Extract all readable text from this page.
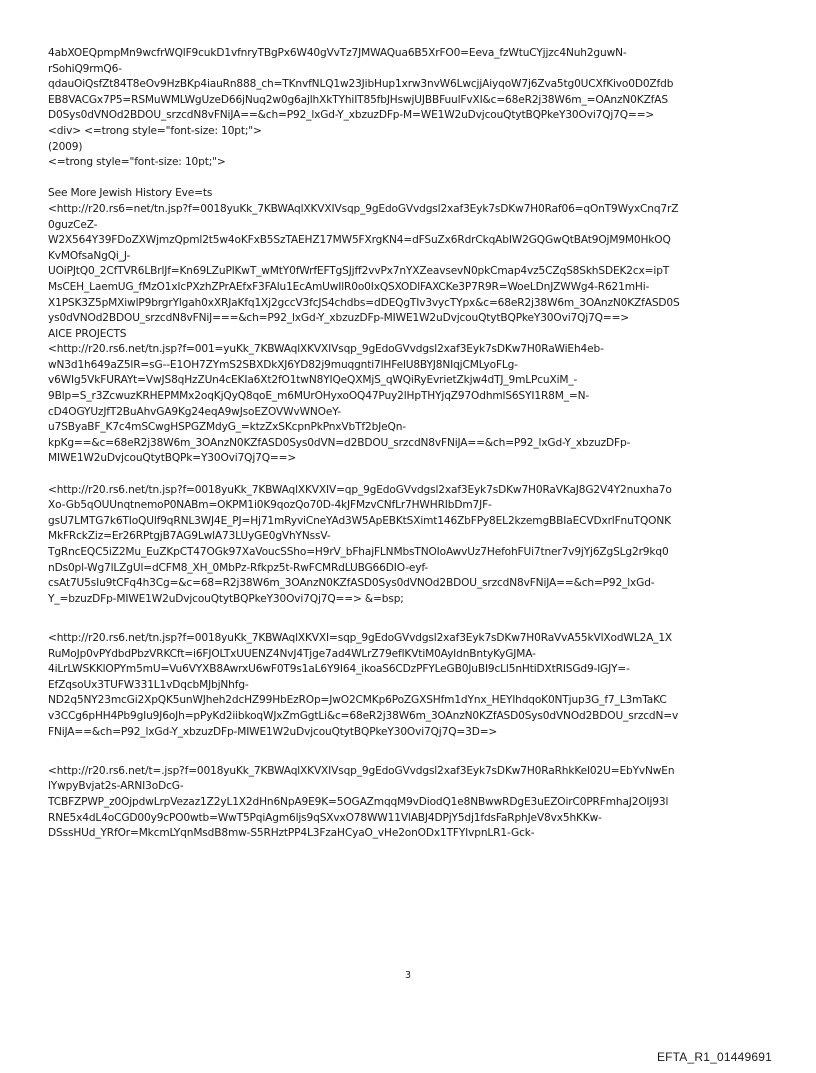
4abXOEQpmpMn9wcfrWQlF9cukD1vfnryTBgPx6W40gVvTz7JMWAQua6B5XrFO0=Eeva_fzWtuCYjjzc4Nuh2guwN-
rSohiQ9rmQ6-
qdauOiQsfZt84T8eOv9HzBKp4iauRn888_ch=TKnvfNLQ1w23JibHup1xrw3nvW6LwcjjAiyqoW7j6Zva5tg0UCXfKivo0D0Zfdb
EB8VACGx7P5=RSMuWMLWgUzeD66jNuq2w0g6ajlhXkTYhiIT85fbJHswjUJBBFuulFvXI&c=68eR2j38W6m_=OAnzN0KZfAS
D0Sys0dVNOd2BDOU_srzcdN8vFNiJA==&ch=P92_lxGd-Y_xbzuzDFp-M=WE1W2uDvjcouQtytBQPkeY30Ovi7Qj7Q==>
<div> <=trong style="font-size: 10pt;">
(2009)
<=trong style="font-size: 10pt;">
See More Jewish History Eve=ts
<http://r20.rs6=net/tn.jsp?f=0018yuKk_7KBWAqlXKVXIVsqp_9gEdoGVvdgsl2xaf3Eyk7sDKw7H0Raf06=qOnT9WyxCnq7rZ
0guzCeZ-
W2X564Y39FDoZXWjmzQpml2t5w4oKFxB5SzTAEHZ17MW5FXrgKN4=dFSuZx6RdrCkqAbIW2GQGwQtBAt9OjM9M0HkOQ
KvMOfsaNgQi_J-
UOiPJtQ0_2CfTVR6LBrlJf=Kn69LZuPlKwT_wMtY0fWrfEFTgSJjff2vvPx7nYXZeavsevN0pkCmap4vz5CZqS8SkhSDEK2cx=ipT
MsCEH_LaemUG_fMzO1xIcPXzhZPrAEfxF3FAlu1EcAmUwIlR0o0IxQSXODlFAXCKe3P7R9R=WoeLDnJZWWg4-R621mHi-
X1PSK3Z5pMXiwlP9brgrYlgah0xXRJaKfq1Xj2gccV3fcJS4chdbs=dDEQgTIv3vycTYpx&c=68eR2j38W6m_3OAnzN0KZfASD0S
ys0dVNOd2BDOU_srzcdN8vFNiJ===&ch=P92_lxGd-Y_xbzuzDFp-MIWE1W2uDvjcouQtytBQPkeY30Ovi7Qj7Q==>
AICE PROJECTS
<http://r20.rs6.net/tn.jsp?f=001=yuKk_7KBWAqlXKVXIVsqp_9gEdoGVvdgsl2xaf3Eyk7sDKw7H0RaWiEh4eb-
wN3d1h649aZ5lR=sG--E1OH7ZYmS2SBXDkXJ6YD82j9muqgnti7lHFelU8BYJ8NIqjCMLyoFLg-
v6WIg5VkFURAYt=VwJS8qHzZUn4cEKIa6Xt2fO1twN8YIQeQXMjS_qWQiRyEvrietZkjw4dTJ_9mLPcuXiM_-
9Blp=S_r3ZcwuzKRHEPMMx2oqKjQyQ8qoE_m6MUrOHyxoOQ47Puy2lHpTHYjqZ97OdhmlS6SYI1R8M_=N-
cD4OGYUzJfT2BuAhvGA9Kg24eqA9wJsoEZOVWvWNOeY-
u7SByaBF_K7c4mSCwgHSPGZMdyG_=ktzZxSKcpnPkPnxVbTf2bJeQn-
kpKg==&c=68eR2j38W6m_3OAnzN0KZfASD0Sys0dVN=d2BDOU_srzcdN8vFNiJA==&ch=P92_lxGd-Y_xbzuzDFp-
MIWE1W2uDvjcouQtytBQPk=Y30Ovi7Qj7Q==>
<http://r20.rs6.net/tn.jsp?f=0018yuKk_7KBWAqlXKVXIV=qp_9gEdoGVvdgsl2xaf3Eyk7sDKw7H0RaVKaJ8G2V4Y2nuxha7o
Xo-Gb5qOUUnqtnemoP0NABm=OKPM1i0K9qozQo70D-4kJFMzvCNfLr7HWHRIbDm7JF-
gsU7LMTG7k6TIoQUlf9qRNL3WJ4E_PJ=Hj71mRyviCneYAd3W5ApEBKtSXimt146ZbFPy8EL2kzemgBBIaECVDxrlFnuTQONK
MkFRckZiz=Er26RPtgjB7AG9LwlA73LUyGE0gVhYNssV-
TgRncEQC5iZ2Mu_EuZKpCT47OGk97XaVoucSSho=H9rV_bFhajFLNMbsTNOIoAwvUz7HefohFUi7tner7v9jYj6ZgSLg2r9kq0
nDs0pl-Wg7lLZgUl=dCFM8_XH_0MbPz-Rfkpz5t-RwFCMRdLUBG66DIO-eyf-
csAt7U5sIu9tCFq4h3Cg=&c=68=R2j38W6m_3OAnzN0KZfASD0Sys0dVNOd2BDOU_srzcdN8vFNiJA==&ch=P92_lxGd-
Y_=bzuzDFp-MIWE1W2uDvjcouQtytBQPkeY30Ovi7Qj7Q==> &=bsp;
<http://r20.rs6.net/tn.jsp?f=0018yuKk_7KBWAqlXKVXI=sqp_9gEdoGVvdgsl2xaf3Eyk7sDKw7H0RaVvA55kVlXodWL2A_1X
RuMoJp0vPYdbdPbzVRKCft=i6FJOLTxUUENZ4NvJ4Tjge7ad4WLrZ79eflKVtiM0AyIdnBntyKyGJMA-
4iLrLWSKKlOPYm5mU=Vu6VYXB8AwrxU6wF0T9s1aL6Y9I64_ikoaS6CDzPFYLeGB0JuBI9cLl5nHtiDXtRISGd9-lGJY=-
EfZqsoUx3TUFW331L1vDqcbMJbjNhfg-
ND2q5NY23mcGi2XpQK5unWJheh2dcHZ99HbEzROp=JwO2CMKp6PoZGXSHfm1dYnx_HEYlhdqoK0NTjup3G_f7_L3mTaKC
v3CCg6pHH4Pb9gIu9J6oJh=pPyKd2iibkoqWJxZmGgtLi&c=68eR2j38W6m_3OAnzN0KZfASD0Sys0dVNOd2BDOU_srzcdN=v
FNiJA==&ch=P92_lxGd-Y_xbzuzDFp-MIWE1W2uDvjcouQtytBQPkeY30Ovi7Qj7Q=3D=>
<http://r20.rs6.net/t=.jsp?f=0018yuKk_7KBWAqlXKVXIVsqp_9gEdoGVvdgsl2xaf3Eyk7sDKw7H0RaRhkKeI02U=EbYvNwEn
lYwpyBvjat2s-ARNI3oDcG-
TCBFZPWP_z0OjpdwLrpVezaz1Z2yL1X2dHn6NpA9E9K=5OGAZmqqM9vDiodQ1e8NBwwRDgE3uEZOirC0PRFmhaJ2OIj93l
RNE5x4dL4oCGD00y9cPO0wtb=WwT5PqiAgm6ljs9qSXvxO78WW11VlABJ4DPjY5dj1fdsFaRphJeV8vx5hKKw-
DSssHUd_YRfOr=MkcmLYqnMsdB8mw-S5RHztPP4L3FzaHCyaO_vHe2onODx1TFYIvpnLR1-Gck-
3
EFTA_R1_01449691
